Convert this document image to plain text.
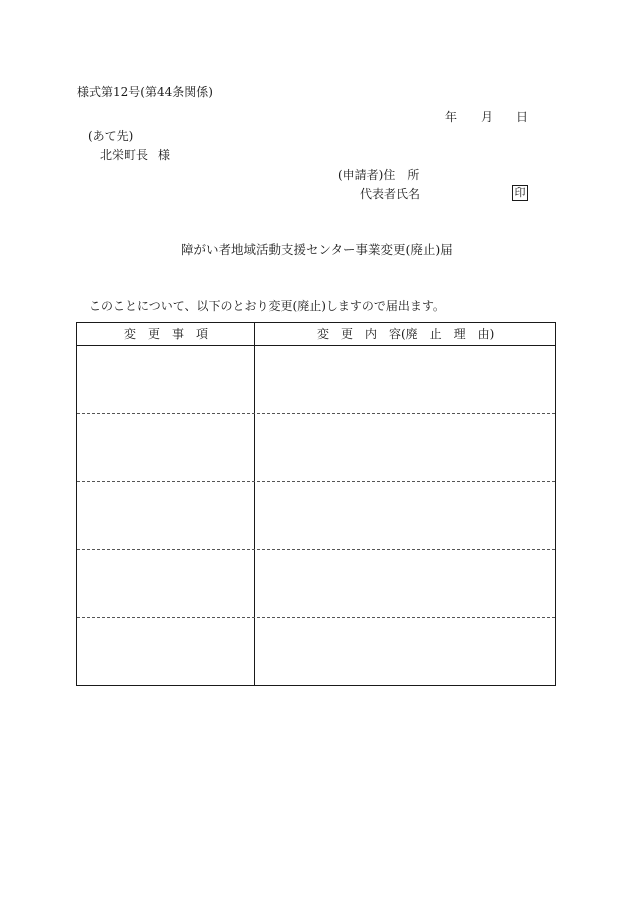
様式第12号(第44条関係)
年 月 日
(あて先)
北栄町長 様
(申請者)住　所
代表者氏名	印
障がい者地域活動支援センター事業変更(廃止)届
このことについて、以下のとおり変更(廃止)しますので届出ます。
変　更　事　項	変　更　内　容(廃　止　理　由)
